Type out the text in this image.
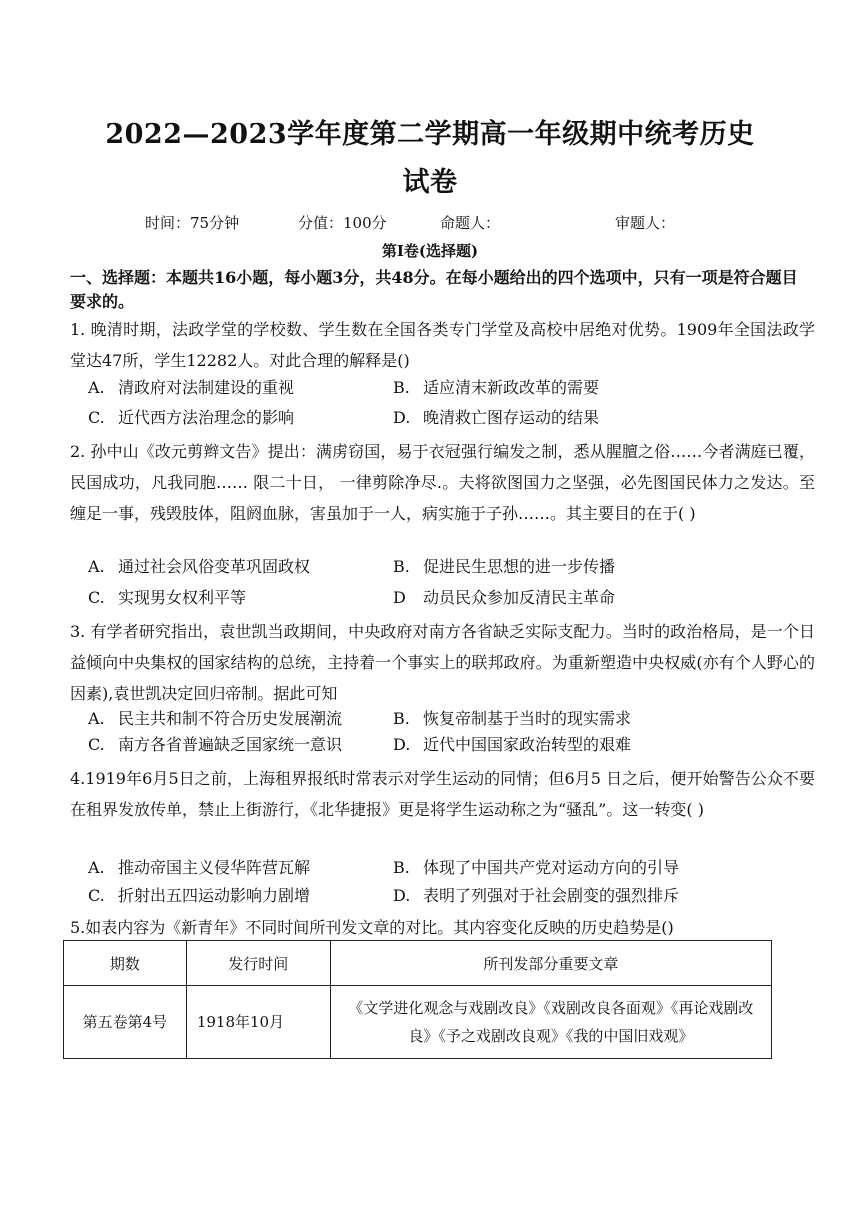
2022—2023学年度第二学期高一年级期中统考历史
试卷
时间：75分钟	分值：100分	命题人：	审题人：
第Ⅰ卷(选择题)
一、选择题：本题共16小题，每小题3分，共48分。在每小题给出的四个选项中，只有一项是符合题目要求的。
1. 晚清时期，法政学堂的学校数、学生数在全国各类专门学堂及高校中居绝对优势。1909年全国法政学堂达47所，学生12282人。对此合理的解释是()
A. 清政府对法制建设的重视	B. 适应清末新政改革的需要
C. 近代西方法治理念的影响	D. 晚清救亡图存运动的结果
2. 孙中山《改元剪辫文告》提出：满虏窃国，易于衣冠强行编发之制，悉从腥膻之俗……今者满庭已覆，民国成功，凡我同胞…… 限二十日， 一律剪除净尽.。夫将欲图国力之坚强，必先图国民体力之发达。至缠足一事，残毁肢体，阻阏血脉，害虽加于一人，病实施于子孙……。其主要目的在于( )
A. 通过社会风俗变革巩固政权	B. 促进民生思想的进一步传播
C. 实现男女权利平等	D 动员民众参加反清民主革命
3. 有学者研究指出，袁世凯当政期间，中央政府对南方各省缺乏实际支配力。当时的政治格局，是一个日益倾向中央集权的国家结构的总统，主持着一个事实上的联邦政府。为重新塑造中央权威(亦有个人野心的因素),袁世凯决定回归帝制。据此可知
A. 民主共和制不符合历史发展潮流	B. 恢复帝制基于当时的现实需求
C. 南方各省普遍缺乏国家统一意识	D. 近代中国国家政治转型的艰难
4.1919年6月5日之前，上海租界报纸时常表示对学生运动的同情；但6月5 日之后，便开始警告公众不要在租界发放传单，禁止上街游行，《北华捷报》更是将学生运动称之为“骚乱”。这一转变( )
A. 推动帝国主义侵华阵营瓦解	B. 体现了中国共产党对运动方向的引导
C. 折射出五四运动影响力剧增	D. 表明了列强对于社会剧变的强烈排斥
5.如表内容为《新青年》不同时间所刊发文章的对比。其内容变化反映的历史趋势是()
期数	发行时间	所刊发部分重要文章
第五卷第4号	1918年10月	《文学进化观念与戏剧改良》《戏剧改良各面观》《再论戏剧改良》《予之戏剧改良观》《我的中国旧戏观》
